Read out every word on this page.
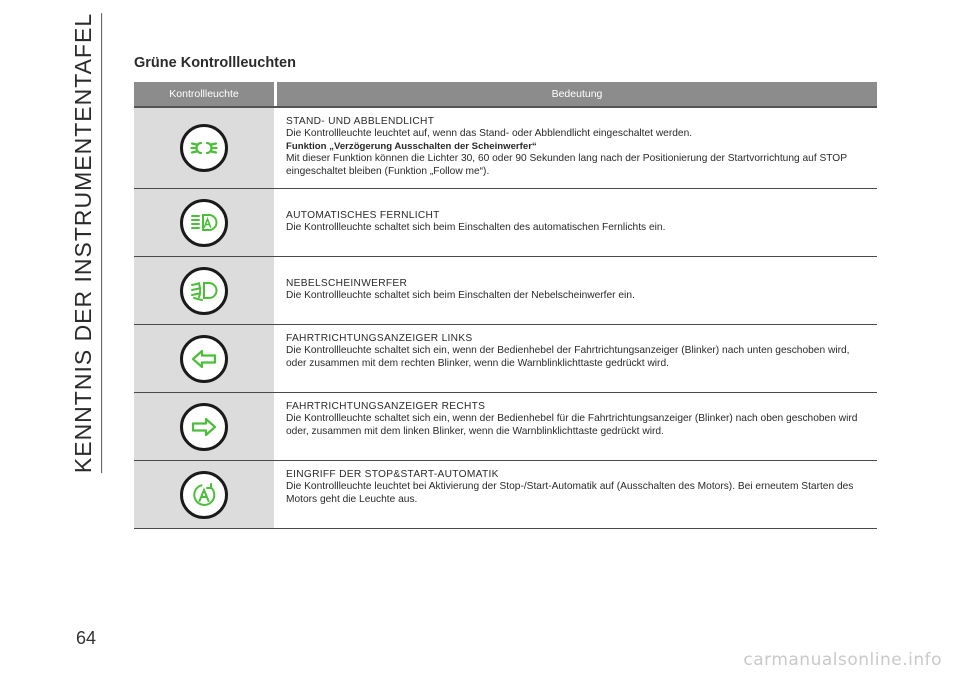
KENNTNIS DER INSTRUMENTENTAFEL	Grüne Kontrollleuchten
Kontrollleuchte	Bedeutung
STAND- UND ABBLENDLICHT
Die Kontrollleuchte leuchtet auf, wenn das Stand- oder Abblendlicht eingeschaltet werden.
Funktion „Verzögerung Ausschalten der Scheinwerfer“
Mit dieser Funktion können die Lichter 30, 60 oder 90 Sekunden lang nach der Positionierung der Startvorrichtung auf STOP eingeschaltet bleiben (Funktion „Follow me“).
AUTOMATISCHES FERNLICHT
Die Kontrollleuchte schaltet sich beim Einschalten des automatischen Fernlichts ein.
NEBELSCHEINWERFER
Die Kontrollleuchte schaltet sich beim Einschalten der Nebelscheinwerfer ein.
FAHRTRICHTUNGSANZEIGER LINKS
Die Kontrollleuchte schaltet sich ein, wenn der Bedienhebel der Fahrtrichtungsanzeiger (Blinker) nach unten geschoben wird, oder zusammen mit dem rechten Blinker, wenn die Warnblinklichttaste gedrückt wird.
FAHRTRICHTUNGSANZEIGER RECHTS
Die Kontrollleuchte schaltet sich ein, wenn der Bedienhebel für die Fahrtrichtungsanzeiger (Blinker) nach oben geschoben wird oder, zusammen mit dem linken Blinker, wenn die Warnblinklichttaste gedrückt wird.
EINGRIFF DER STOP&START-AUTOMATIK
Die Kontrollleuchte leuchtet bei Aktivierung der Stop-/Start-Automatik auf (Ausschalten des Motors). Bei erneutem Starten des Motors geht die Leuchte aus.
64
carmanualsonline.info
